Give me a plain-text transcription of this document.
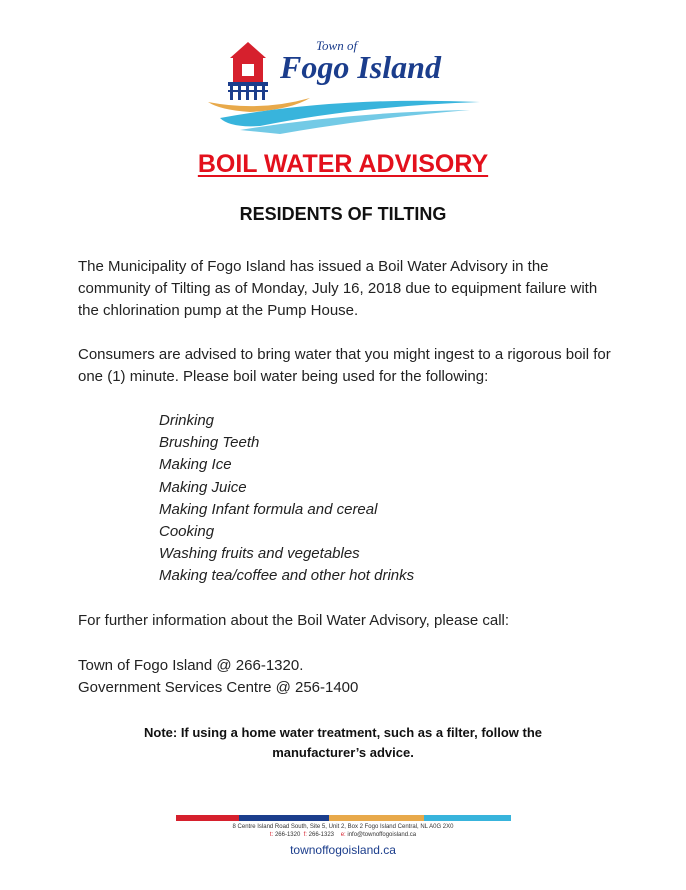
Town of
Fogo Island
BOIL WATER ADVISORY
RESIDENTS OF TILTING
The Municipality of Fogo Island has issued a Boil Water Advisory in the community of Tilting as of Monday, July 16, 2018 due to equipment failure with the chlorination pump at the Pump House.
Consumers are advised to bring water that you might ingest to a rigorous boil for one (1) minute. Please boil water being used for the following:
Drinking
Brushing Teeth
Making Ice
Making Juice
Making Infant formula and cereal
Cooking
Washing fruits and vegetables
Making tea/coffee and other hot drinks
For further information about the Boil Water Advisory, please call:
Town of Fogo Island @ 266-1320.
Government Services Centre @ 256-1400
Note: If using a home water treatment, such as a filter, follow the manufacturer’s advice.
8 Centre Island Road South, Site 5, Unit 2, Box 2 Fogo Island Central, NL A0G 2X0
t: 266-1320 f: 266-1323 e: info@townoffogoisland.ca
townoffogoisland.ca
